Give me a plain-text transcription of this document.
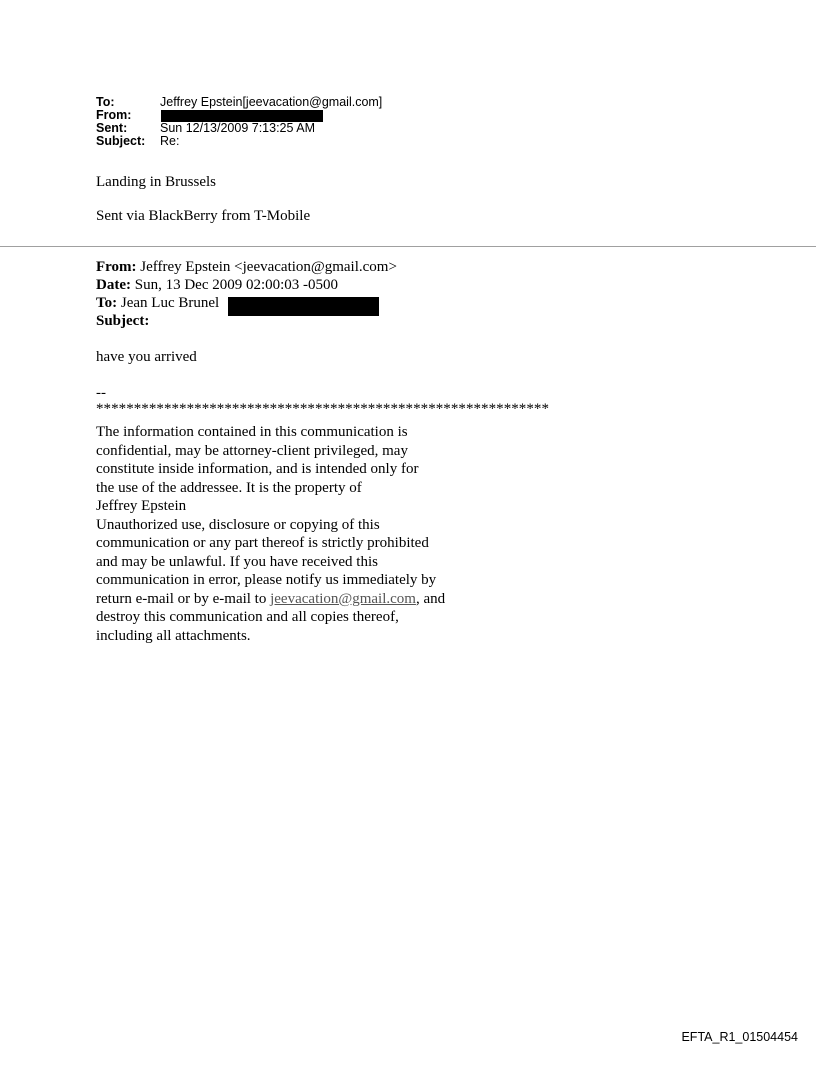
To:	Jeffrey Epstein[jeevacation@gmail.com]
From:
Sent:	Sun 12/13/2009 7:13:25 AM
Subject: Re:
Landing in Brussels
Sent via BlackBerry from T-Mobile
From: Jeffrey Epstein <jeevacation@gmail.com>
Date: Sun, 13 Dec 2009 02:00:03 -0500
To: Jean Luc Brunel
Subject:
have you arrived
--
************************************************************
The information contained in this communication is
confidential, may be attorney-client privileged, may
constitute inside information, and is intended only for
the use of the addressee. It is the property of
Jeffrey Epstein
Unauthorized use, disclosure or copying of this
communication or any part thereof is strictly prohibited
and may be unlawful. If you have received this
communication in error, please notify us immediately by
return e-mail or by e-mail to jeevacation@gmail.com, and
destroy this communication and all copies thereof,
including all attachments.
EFTA_R1_01504454
